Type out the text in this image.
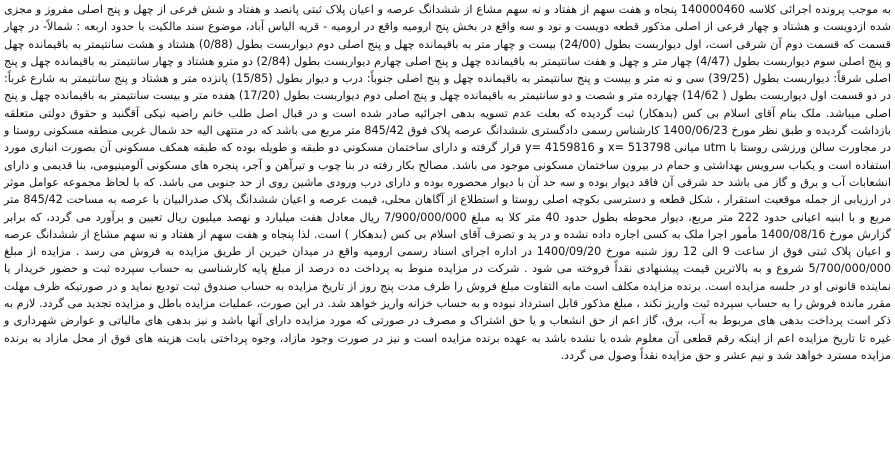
به موجب پرونده اجرائی کلاسه 140000460 پنجاه و هفت سهم از هفتاد و نه سهم مشاع از ششدانگ عرصه و اعیان پلاک ثبتی پانصد و هفتاد و شش فرعی از چهل و پنج اصلی مفروز و مجزی شده ازدویست و هشتاد و چهار فرعی از اصلی مذکور قطعه دویست و نود و سه واقع در بخش پنج ارومیه واقع در ارومیه - قریه الیاس آباد، موضوع سند مالکیت با حدود اربعه : شمالاً- در چهار قسمت که قسمت دوم آن شرقی است، اول دیواربست بطول (24/00) بیست و چهار متر به باقیمانده چهل و پنج اصلی دوم دیواربست بطول (0/88) هشتاد و هشت سانتیمتر به باقیمانده چهل و پنج اصلی سوم دیواربست بطول (4/47) چهار متر و چهل و هفت سانتیمتر به باقیمانده چهل و پنج اصلی چهارم دیواربست بطول (2/84) دو مترو هشتاد و چهار سانتیمتر به باقیمانده چهل و پنج اصلی شرقاً: دیواربست بطول (39/25) سی و نه متر و بیست و پنج سانتیمتر به باقیمانده چهل و پنج اصلی جنوباً: درب و دیوار بطول (15/85) پانزده متر و هشتاد و پنج سانتیمتر به شارع غرباً: در دو قسمت اول دیواربست بطول ( 14/62) چهارده متر و شصت و دو سانتیمتر به باقیمانده چهل و پنج اصلی دوم دیواربست بطول (17/20) هفده متر و بیست سانتیمتر به باقیمانده چهل و پنج اصلی میباشد. ملک بنام آقای اسلام بی کس (بدهکار) ثبت گردیده که بعلت عدم تسویه بدهی اجرائیه صادر شده است و در قبال اصل طلب خانم راضیه نیکی آقگنبد و حقوق دولتی متعلقه بازداشت گردیده و طبق نظر مورخ 1400/06/23 کارشناس رسمی دادگستری ششدانگ عرصه پلاک فوق 845/42 متر مربع می باشد که در منتهی الیه حد شمال غربی منطقه مسکونی روستا و در مجاورت سالن ورزشی روستا با utm میانی x= 513798 و y= 4159816 قرار گرفته و دارای ساختمان مسکونی دو طبقه و طویله بوده که طبقه همکف مسکونی آن بصورت انباری مورد استفاده است و یکباب سرویس بهداشتی و حمام در بیرون ساختمان مسکونی موجود می باشد. مصالح بکار رفته در بنا چوب و تیرآهن و آجر، پنجره های مسکونی آلومینیومی، بنا قدیمی و دارای انشعابات آب و برق و گاز می باشد حد شرقی آن فاقد دیوار بوده و سه حد آن با دیوار محصوره بوده و دارای درب ورودی ماشین روی از حد جنوبی می باشد. که با لحاظ مجموعه عوامل موثر در ارزیابی از جمله موقعیت استقرار ، شکل قطعه و دسترسی بکوچه اصلی روستا و استطلاع از آگاهان محلی، قیمت عرصه و اعیان ششدانگ پلاک صدرالبیان با عرصه به مساحت 845/42 متر مربع و با ابنیه اعیانی حدود 222 متر مربع، دیوار محوطه بطول حدود 40 متر کلا به مبلغ 7/900/000/000 ریال معادل هفت میلیارد و نهصد میلیون ریال تعیین و برآورد می گردد، که برابر گزارش مورخ 1400/08/16 مأمور اجرا ملک به کسی اجاره داده نشده و در ید و تصرف آقای اسلام بی کس (بدهکار ) است. لذا پنجاه و هفت سهم از هفتاد و نه سهم مشاع از ششدانگ عرصه و اعیان پلاک ثبتی فوق از ساعت 9 الی 12 روز شنبه مورخ 1400/09/20 در اداره اجرای اسناد رسمی ارومیه واقع در میدان خیرین از طریق مزایده به فروش می رسد . مزایده از مبلغ 5/700/000/000 شروع و به بالاترین قیمت پیشنهادی نقداً فروخته می شود . شرکت در مزایده منوط به پرداخت ده درصد از مبلغ پایه کارشناسی به حساب سپرده ثبت و حضور خریدار یا نماینده قانونی او در جلسه مزایده است. برنده مزایده مکلف است مابه التفاوت مبلغ فروش را ظرف مدت پنج روز از تاریخ مزایده به حساب صندوق ثبت تودیع نماید و در صورتیکه ظرف مهلت مقرر مانده فروش را به حساب سپرده ثبت واریز نکند ، مبلغ مذکور قابل استرداد نبوده و به حساب خزانه واریز خواهد شد. در این صورت، عملیات مزایده باطل و مزایده تجدید می گردد. لازم به ذکر است پرداخت بدهی های مربوط به آب، برق، گاز اعم از حق انشعاب و یا حق اشتراک و مصرف در صورتی که مورد مزایده دارای آنها باشد و نیز بدهی های مالیاتی و عوارض شهرداری و غیره تا تاریخ مزایده اعم از اینکه رقم قطعی آن معلوم شده یا نشده باشد به عهده برنده مزایده است و نیز در صورت وجود مازاد، وجوه پرداختی بابت هزینه های فوق از محل مازاد به برنده مزایده مسترد خواهد شد و نیم عشر و حق مزایده نقداً وصول می گردد.
